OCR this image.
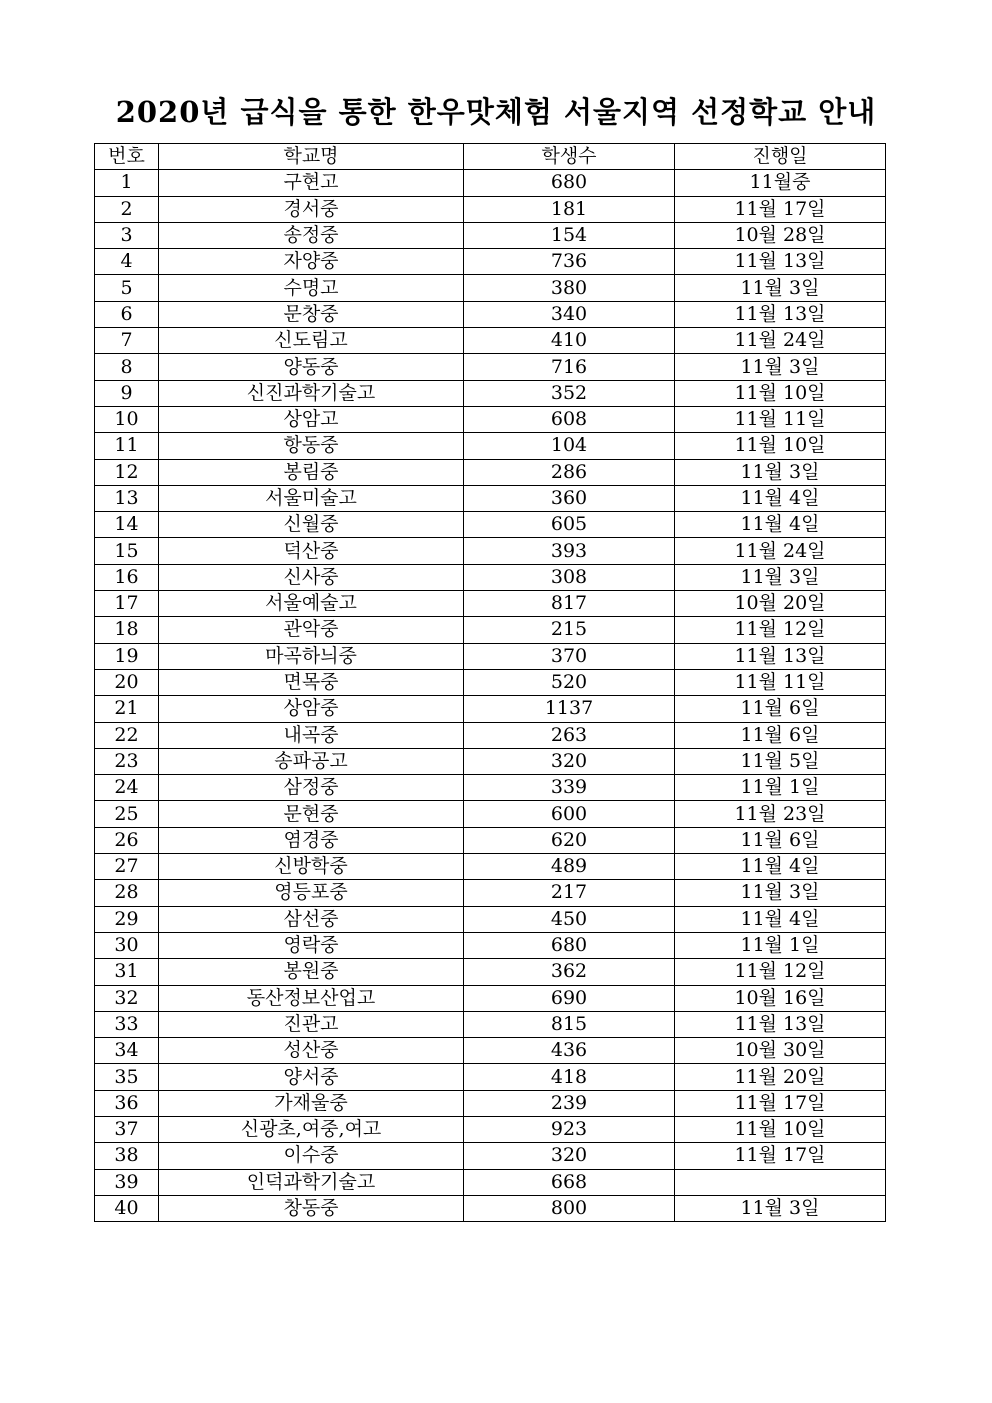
2020년 급식을 통한 한우맛체험 서울지역 선정학교 안내
번호	학교명	학생수	진행일
1	구현고	680	11월중
2	경서중	181	11월 17일
3	송정중	154	10월 28일
4	자양중	736	11월 13일
5	수명고	380	11월 3일
6	문창중	340	11월 13일
7	신도림고	410	11월 24일
8	양동중	716	11월 3일
9	신진과학기술고	352	11월 10일
10	상암고	608	11월 11일
11	항동중	104	11월 10일
12	봉림중	286	11월 3일
13	서울미술고	360	11월 4일
14	신월중	605	11월 4일
15	덕산중	393	11월 24일
16	신사중	308	11월 3일
17	서울예술고	817	10월 20일
18	관악중	215	11월 12일
19	마곡하늬중	370	11월 13일
20	면목중	520	11월 11일
21	상암중	1137	11월 6일
22	내곡중	263	11월 6일
23	송파공고	320	11월 5일
24	삼정중	339	11월 1일
25	문현중	600	11월 23일
26	염경중	620	11월 6일
27	신방학중	489	11월 4일
28	영등포중	217	11월 3일
29	삼선중	450	11월 4일
30	영락중	680	11월 1일
31	봉원중	362	11월 12일
32	동산정보산업고	690	10월 16일
33	진관고	815	11월 13일
34	성산중	436	10월 30일
35	양서중	418	11월 20일
36	가재울중	239	11월 17일
37	신광초,여중,여고	923	11월 10일
38	이수중	320	11월 17일
39	인덕과학기술고	668	
40	창동중	800	11월 3일
